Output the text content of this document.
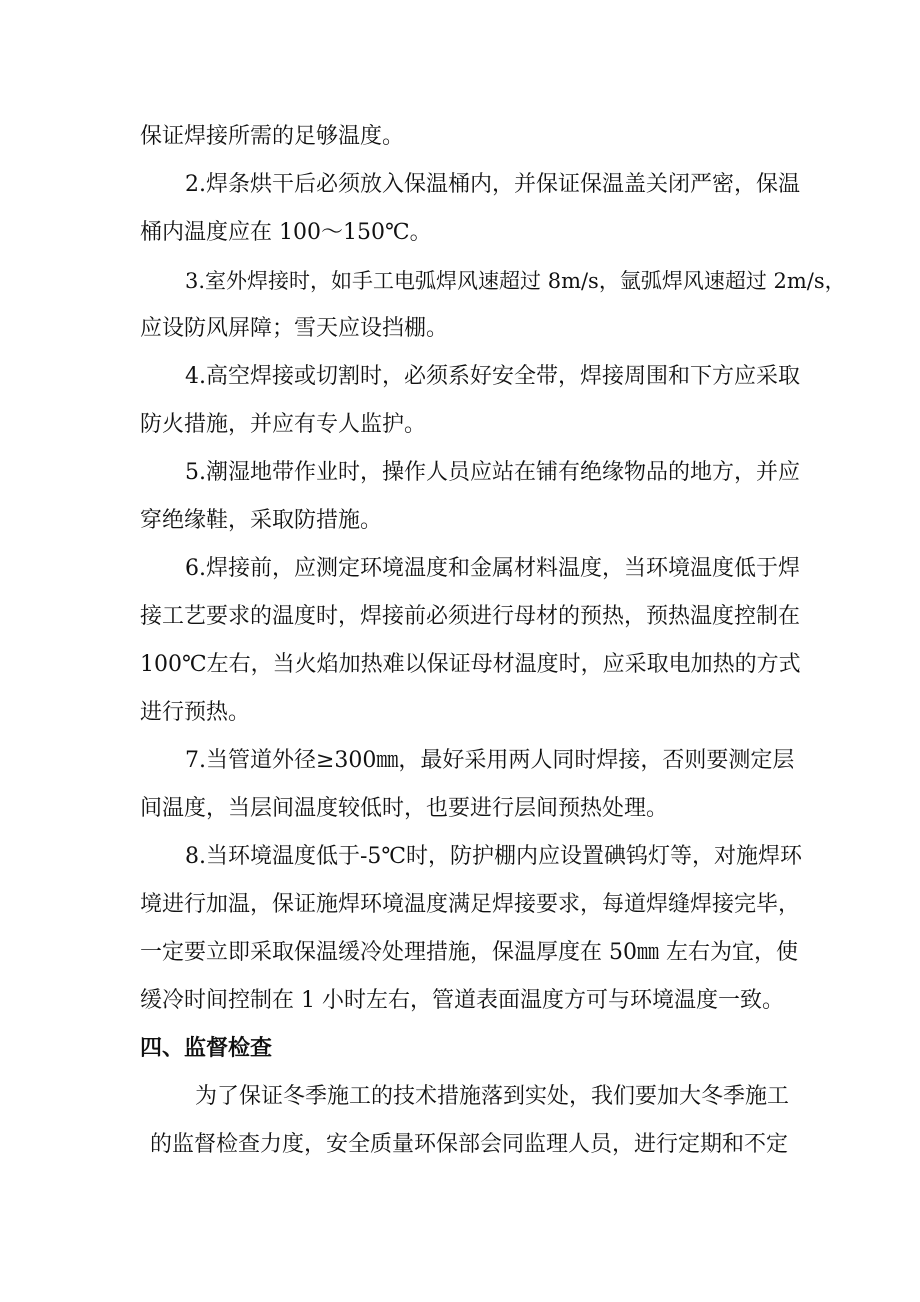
保证焊接所需的足够温度。
2.焊条烘干后必须放入保温桶内，并保证保温盖关闭严密，保温
桶内温度应在 100～150℃。
3.室外焊接时，如手工电弧焊风速超过 8m/s，氩弧焊风速超过 2m/s，
应设防风屏障；雪天应设挡棚。
4.高空焊接或切割时，必须系好安全带，焊接周围和下方应采取
防火措施，并应有专人监护。
5.潮湿地带作业时，操作人员应站在铺有绝缘物品的地方，并应
穿绝缘鞋，采取防措施。
6.焊接前，应测定环境温度和金属材料温度，当环境温度低于焊
接工艺要求的温度时，焊接前必须进行母材的预热，预热温度控制在
100℃左右，当火焰加热难以保证母材温度时，应采取电加热的方式
进行预热。
7.当管道外径≥300㎜，最好采用两人同时焊接，否则要测定层
间温度，当层间温度较低时，也要进行层间预热处理。
8.当环境温度低于-5℃时，防护棚内应设置碘钨灯等，对施焊环
境进行加温，保证施焊环境温度满足焊接要求，每道焊缝焊接完毕，
一定要立即采取保温缓冷处理措施，保温厚度在 50㎜ 左右为宜，使
缓冷时间控制在 1 小时左右，管道表面温度方可与环境温度一致。
四、监督检查
为了保证冬季施工的技术措施落到实处，我们要加大冬季施工
的监督检查力度，安全质量环保部会同监理人员，进行定期和不定
